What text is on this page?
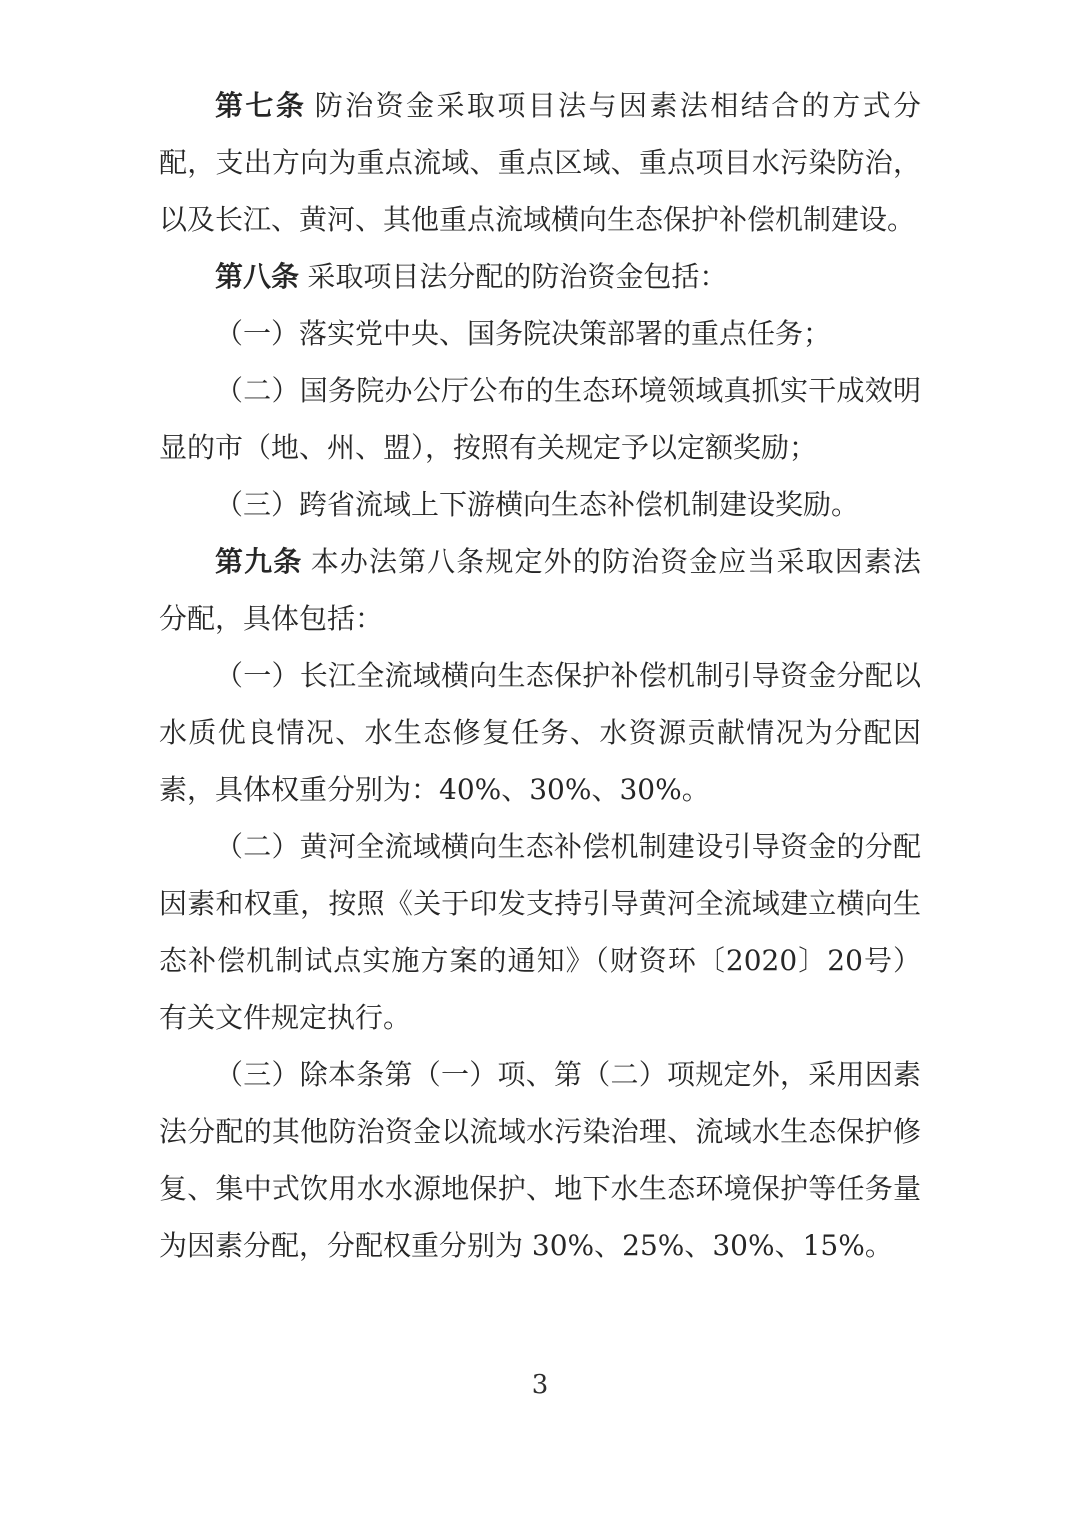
第七条 防治资金采取项目法与因素法相结合的方式分配，支出方向为重点流域、重点区域、重点项目水污染防治，以及长江、黄河、其他重点流域横向生态保护补偿机制建设。

第八条 采取项目法分配的防治资金包括：

（一）落实党中央、国务院决策部署的重点任务；

（二）国务院办公厅公布的生态环境领域真抓实干成效明显的市（地、州、盟），按照有关规定予以定额奖励；

（三）跨省流域上下游横向生态补偿机制建设奖励。

第九条 本办法第八条规定外的防治资金应当采取因素法分配，具体包括：

（一）长江全流域横向生态保护补偿机制引导资金分配以水质优良情况、水生态修复任务、水资源贡献情况为分配因素，具体权重分别为：40%、30%、30%。

（二）黄河全流域横向生态补偿机制建设引导资金的分配因素和权重，按照《关于印发支持引导黄河全流域建立横向生态补偿机制试点实施方案的通知》（财资环〔2020〕20号）有关文件规定执行。

（三）除本条第（一）项、第（二）项规定外，采用因素法分配的其他防治资金以流域水污染治理、流域水生态保护修复、集中式饮用水水源地保护、地下水生态环境保护等任务量为因素分配，分配权重分别为 30%、25%、30%、15%。

3
